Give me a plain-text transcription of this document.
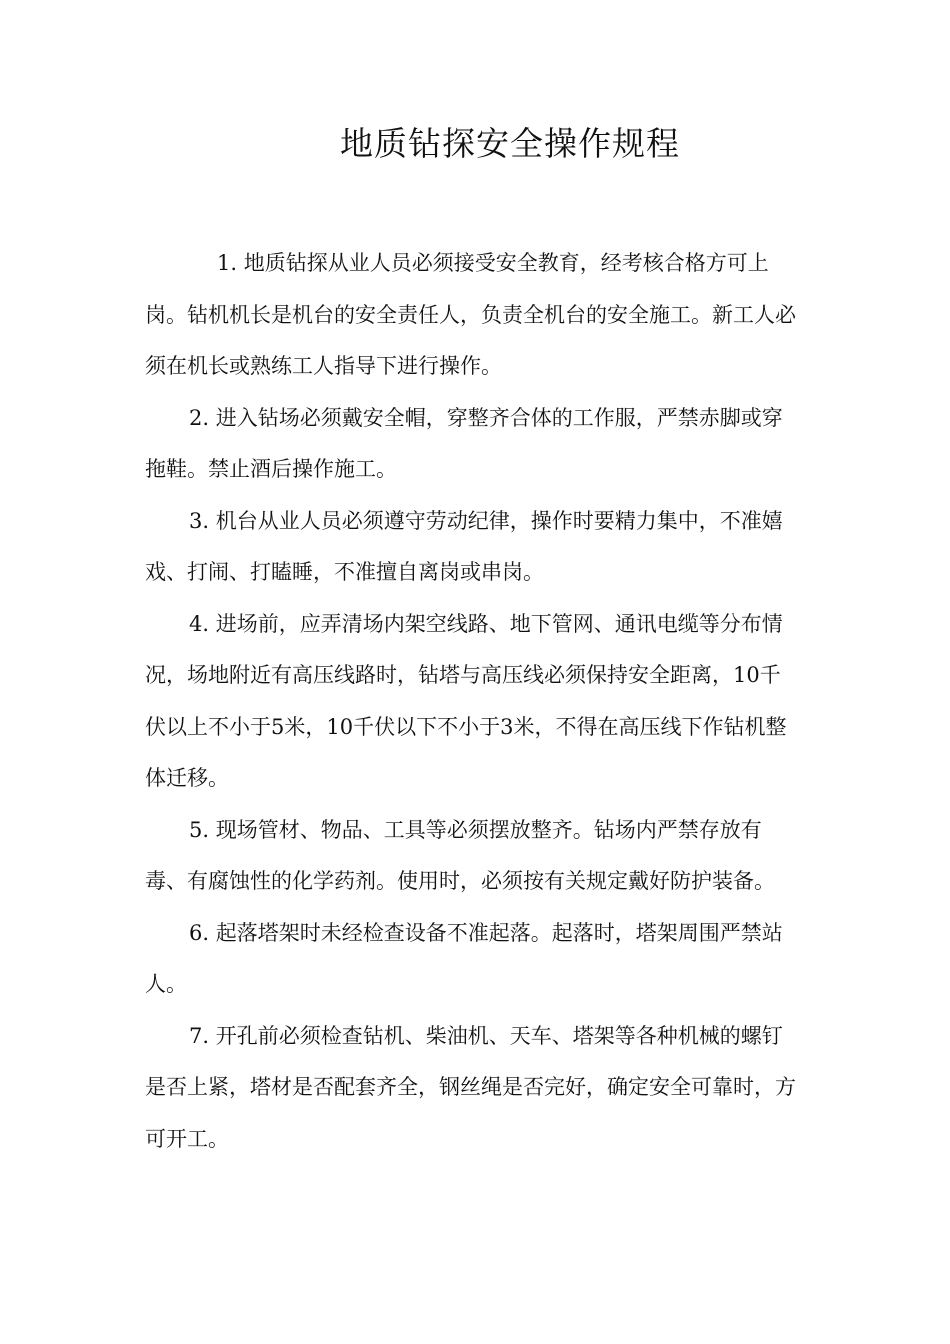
地质钻探安全操作规程

1. 地质钻探从业人员必须接受安全教育，经考核合格方可上岗。钻机机长是机台的安全责任人，负责全机台的安全施工。新工人必须在机长或熟练工人指导下进行操作。

2. 进入钻场必须戴安全帽，穿整齐合体的工作服，严禁赤脚或穿拖鞋。禁止酒后操作施工。

3. 机台从业人员必须遵守劳动纪律，操作时要精力集中，不准嬉戏、打闹、打瞌睡，不准擅自离岗或串岗。

4. 进场前，应弄清场内架空线路、地下管网、通讯电缆等分布情况，场地附近有高压线路时，钻塔与高压线必须保持安全距离，10千伏以上不小于5米，10千伏以下不小于3米，不得在高压线下作钻机整体迁移。

5. 现场管材、物品、工具等必须摆放整齐。钻场内严禁存放有毒、有腐蚀性的化学药剂。使用时，必须按有关规定戴好防护装备。

6. 起落塔架时未经检查设备不准起落。起落时，塔架周围严禁站人。

7. 开孔前必须检查钻机、柴油机、天车、塔架等各种机械的螺钉是否上紧，塔材是否配套齐全，钢丝绳是否完好，确定安全可靠时，方可开工。
